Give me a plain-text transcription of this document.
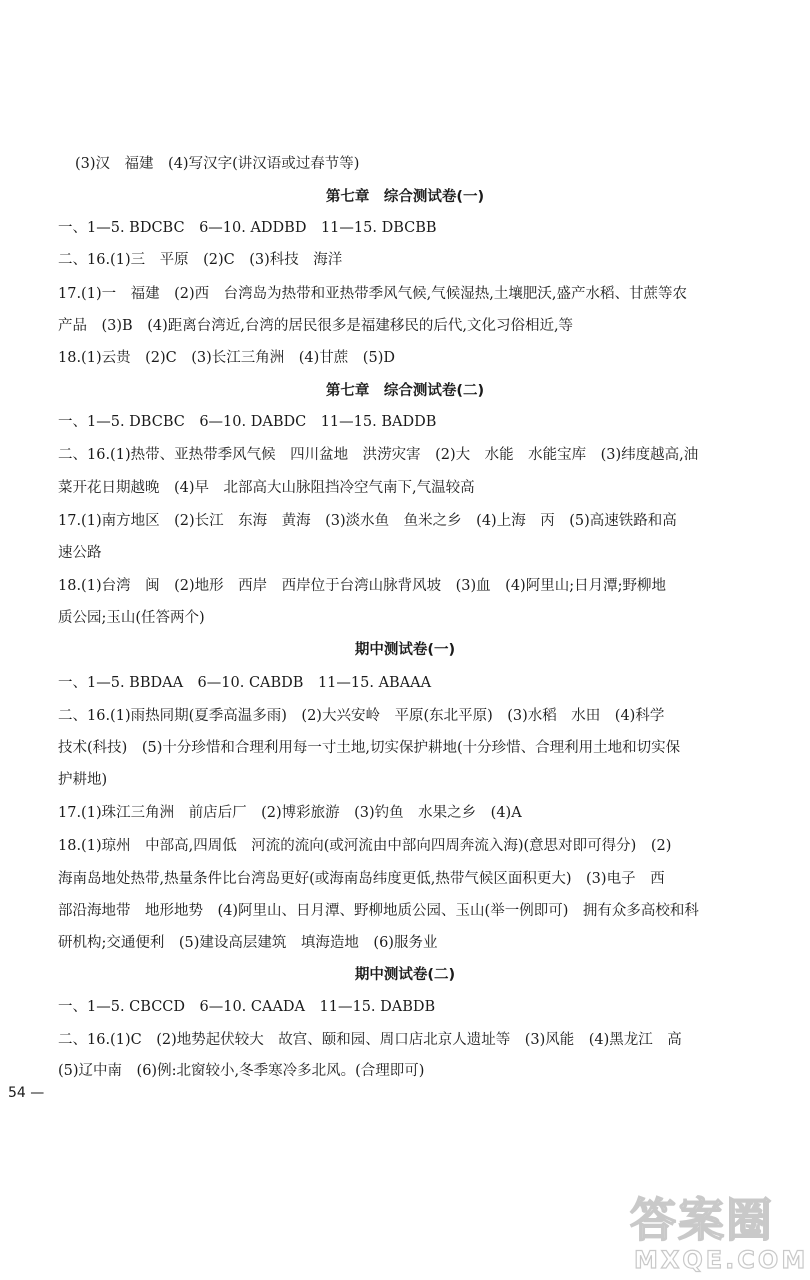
(3)汉　福建　(4)写汉字(讲汉语或过春节等)
第七章　综合测试卷(一)
一、1—5. BDCBC　6—10. ADDBD　11—15. DBCBB
二、16.(1)三　平原　(2)C　(3)科技　海洋
17.(1)一　福建　(2)西　台湾岛为热带和亚热带季风气候,气候湿热,土壤肥沃,盛产水稻、甘蔗等农
产品　(3)B　(4)距离台湾近,台湾的居民很多是福建移民的后代,文化习俗相近,等
18.(1)云贵　(2)C　(3)长江三角洲　(4)甘蔗　(5)D
第七章　综合测试卷(二)
一、1—5. DBCBC　6—10. DABDC　11—15. BADDB
二、16.(1)热带、亚热带季风气候　四川盆地　洪涝灾害　(2)大　水能　水能宝库　(3)纬度越高,油
菜开花日期越晚　(4)早　北部高大山脉阻挡冷空气南下,气温较高
17.(1)南方地区　(2)长江　东海　黄海　(3)淡水鱼　鱼米之乡　(4)上海　丙　(5)高速铁路和高
速公路
18.(1)台湾　闽　(2)地形　西岸　西岸位于台湾山脉背风坡　(3)血　(4)阿里山;日月潭;野柳地
质公园;玉山(任答两个)
期中测试卷(一)
一、1—5. BBDAA　6—10. CABDB　11—15. ABAAA
二、16.(1)雨热同期(夏季高温多雨)　(2)大兴安岭　平原(东北平原)　(3)水稻　水田　(4)科学
技术(科技)　(5)十分珍惜和合理利用每一寸土地,切实保护耕地(十分珍惜、合理利用土地和切实保
护耕地)
17.(1)珠江三角洲　前店后厂　(2)博彩旅游　(3)钓鱼　水果之乡　(4)A
18.(1)琼州　中部高,四周低　河流的流向(或河流由中部向四周奔流入海)(意思对即可得分)　(2)
海南岛地处热带,热量条件比台湾岛更好(或海南岛纬度更低,热带气候区面积更大)　(3)电子　西
部沿海地带　地形地势　(4)阿里山、日月潭、野柳地质公园、玉山(举一例即可)　拥有众多高校和科
研机构;交通便利　(5)建设高层建筑　填海造地　(6)服务业
期中测试卷(二)
一、1—5. CBCCD　6—10. CAADA　11—15. DABDB
二、16.(1)C　(2)地势起伏较大　故宫、颐和园、周口店北京人遗址等　(3)风能　(4)黑龙江　高
(5)辽中南　(6)例:北窗较小,冬季寒冷多北风。(合理即可)
54 —
答案圈
MXQE.COM
